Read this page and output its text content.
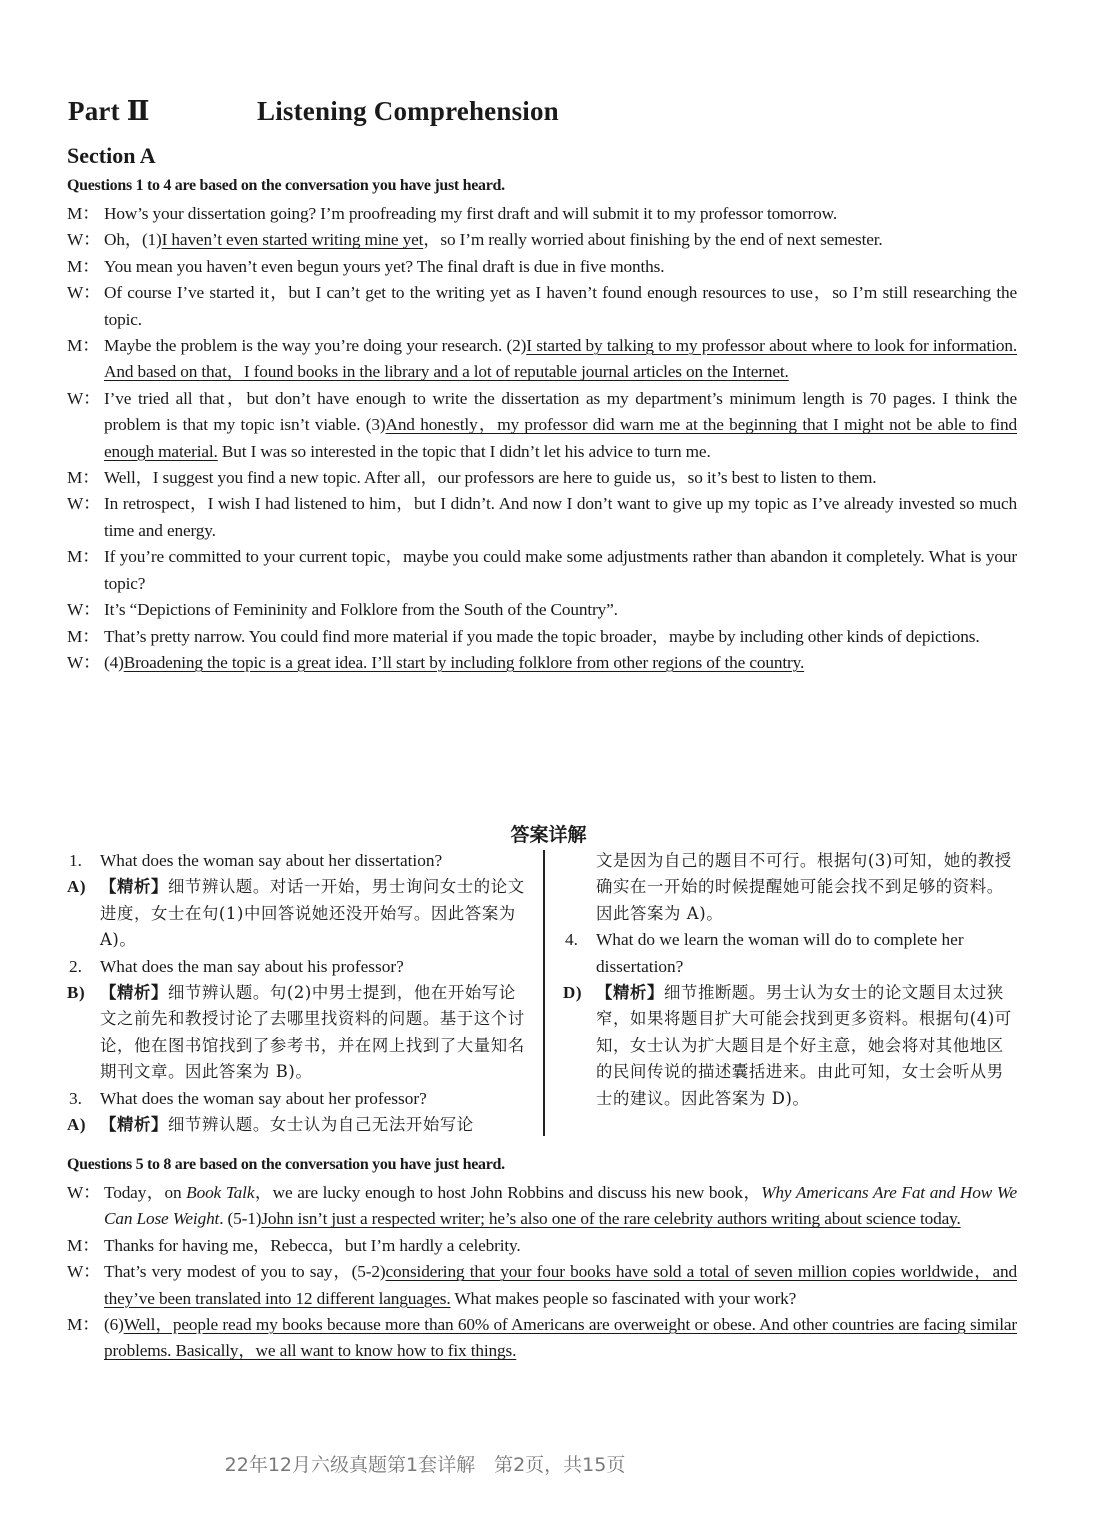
Part Ⅱ	Listening Comprehension
Section A
Questions 1 to 4 are based on the conversation you have just heard.
M： How’s your dissertation going? I’m proofreading my first draft and will submit it to my professor tomorrow.
W： Oh，(1)I haven’t even started writing mine yet，so I’m really worried about finishing by the end of next semester.
M： You mean you haven’t even begun yours yet? The final draft is due in five months.
W： Of course I’ve started it，but I can’t get to the writing yet as I haven’t found enough resources to use，so I’m still researching the topic.
M： Maybe the problem is the way you’re doing your research. (2)I started by talking to my professor about where to look for information. And based on that，I found books in the library and a lot of reputable journal articles on the Internet.
W： I’ve tried all that，but don’t have enough to write the dissertation as my department’s minimum length is 70 pages. I think the problem is that my topic isn’t viable. (3)And honestly，my professor did warn me at the beginning that I might not be able to find enough material. But I was so interested in the topic that I didn’t let his advice to turn me.
M： Well，I suggest you find a new topic. After all，our professors are here to guide us，so it’s best to listen to them.
W： In retrospect，I wish I had listened to him，but I didn’t. And now I don’t want to give up my topic as I’ve already invested so much time and energy.
M： If you’re committed to your current topic，maybe you could make some adjustments rather than abandon it completely. What is your topic?
W： It’s “Depictions of Femininity and Folklore from the South of the Country”.
M： That’s pretty narrow. You could find more material if you made the topic broader，maybe by including other kinds of depictions.
W： (4)Broadening the topic is a great idea. I’ll start by including folklore from other regions of the country.
答案详解
1. What does the woman say about her dissertation?
A) 【精析】细节辨认题。对话一开始，男士询问女士的论文进度，女士在句(1)中回答说她还没开始写。因此答案为 A)。
2. What does the man say about his professor?
B) 【精析】细节辨认题。句(2)中男士提到，他在开始写论文之前先和教授讨论了去哪里找资料的问题。基于这个讨论，他在图书馆找到了参考书，并在网上找到了大量知名期刊文章。因此答案为 B)。
3. What does the woman say about her professor?
A) 【精析】细节辨认题。女士认为自己无法开始写论
文是因为自己的题目不可行。根据句(3)可知，她的教授确实在一开始的时候提醒她可能会找不到足够的资料。因此答案为 A)。
4. What do we learn the woman will do to complete her dissertation?
D) 【精析】细节推断题。男士认为女士的论文题目太过狭窄，如果将题目扩大可能会找到更多资料。根据句(4)可知，女士认为扩大题目是个好主意，她会将对其他地区的民间传说的描述囊括进来。由此可知，女士会听从男士的建议。因此答案为 D)。
Questions 5 to 8 are based on the conversation you have just heard.
W： Today，on Book Talk，we are lucky enough to host John Robbins and discuss his new book，Why Americans Are Fat and How We Can Lose Weight. (5-1)John isn’t just a respected writer; he’s also one of the rare celebrity authors writing about science today.
M： Thanks for having me，Rebecca，but I’m hardly a celebrity.
W： That’s very modest of you to say，(5-2)considering that your four books have sold a total of seven million copies worldwide，and they’ve been translated into 12 different languages. What makes people so fascinated with your work?
M： (6)Well，people read my books because more than 60% of Americans are overweight or obese. And other countries are facing similar problems. Basically，we all want to know how to fix things.
22年12月六级真题第1套详解　第2页，共15页
